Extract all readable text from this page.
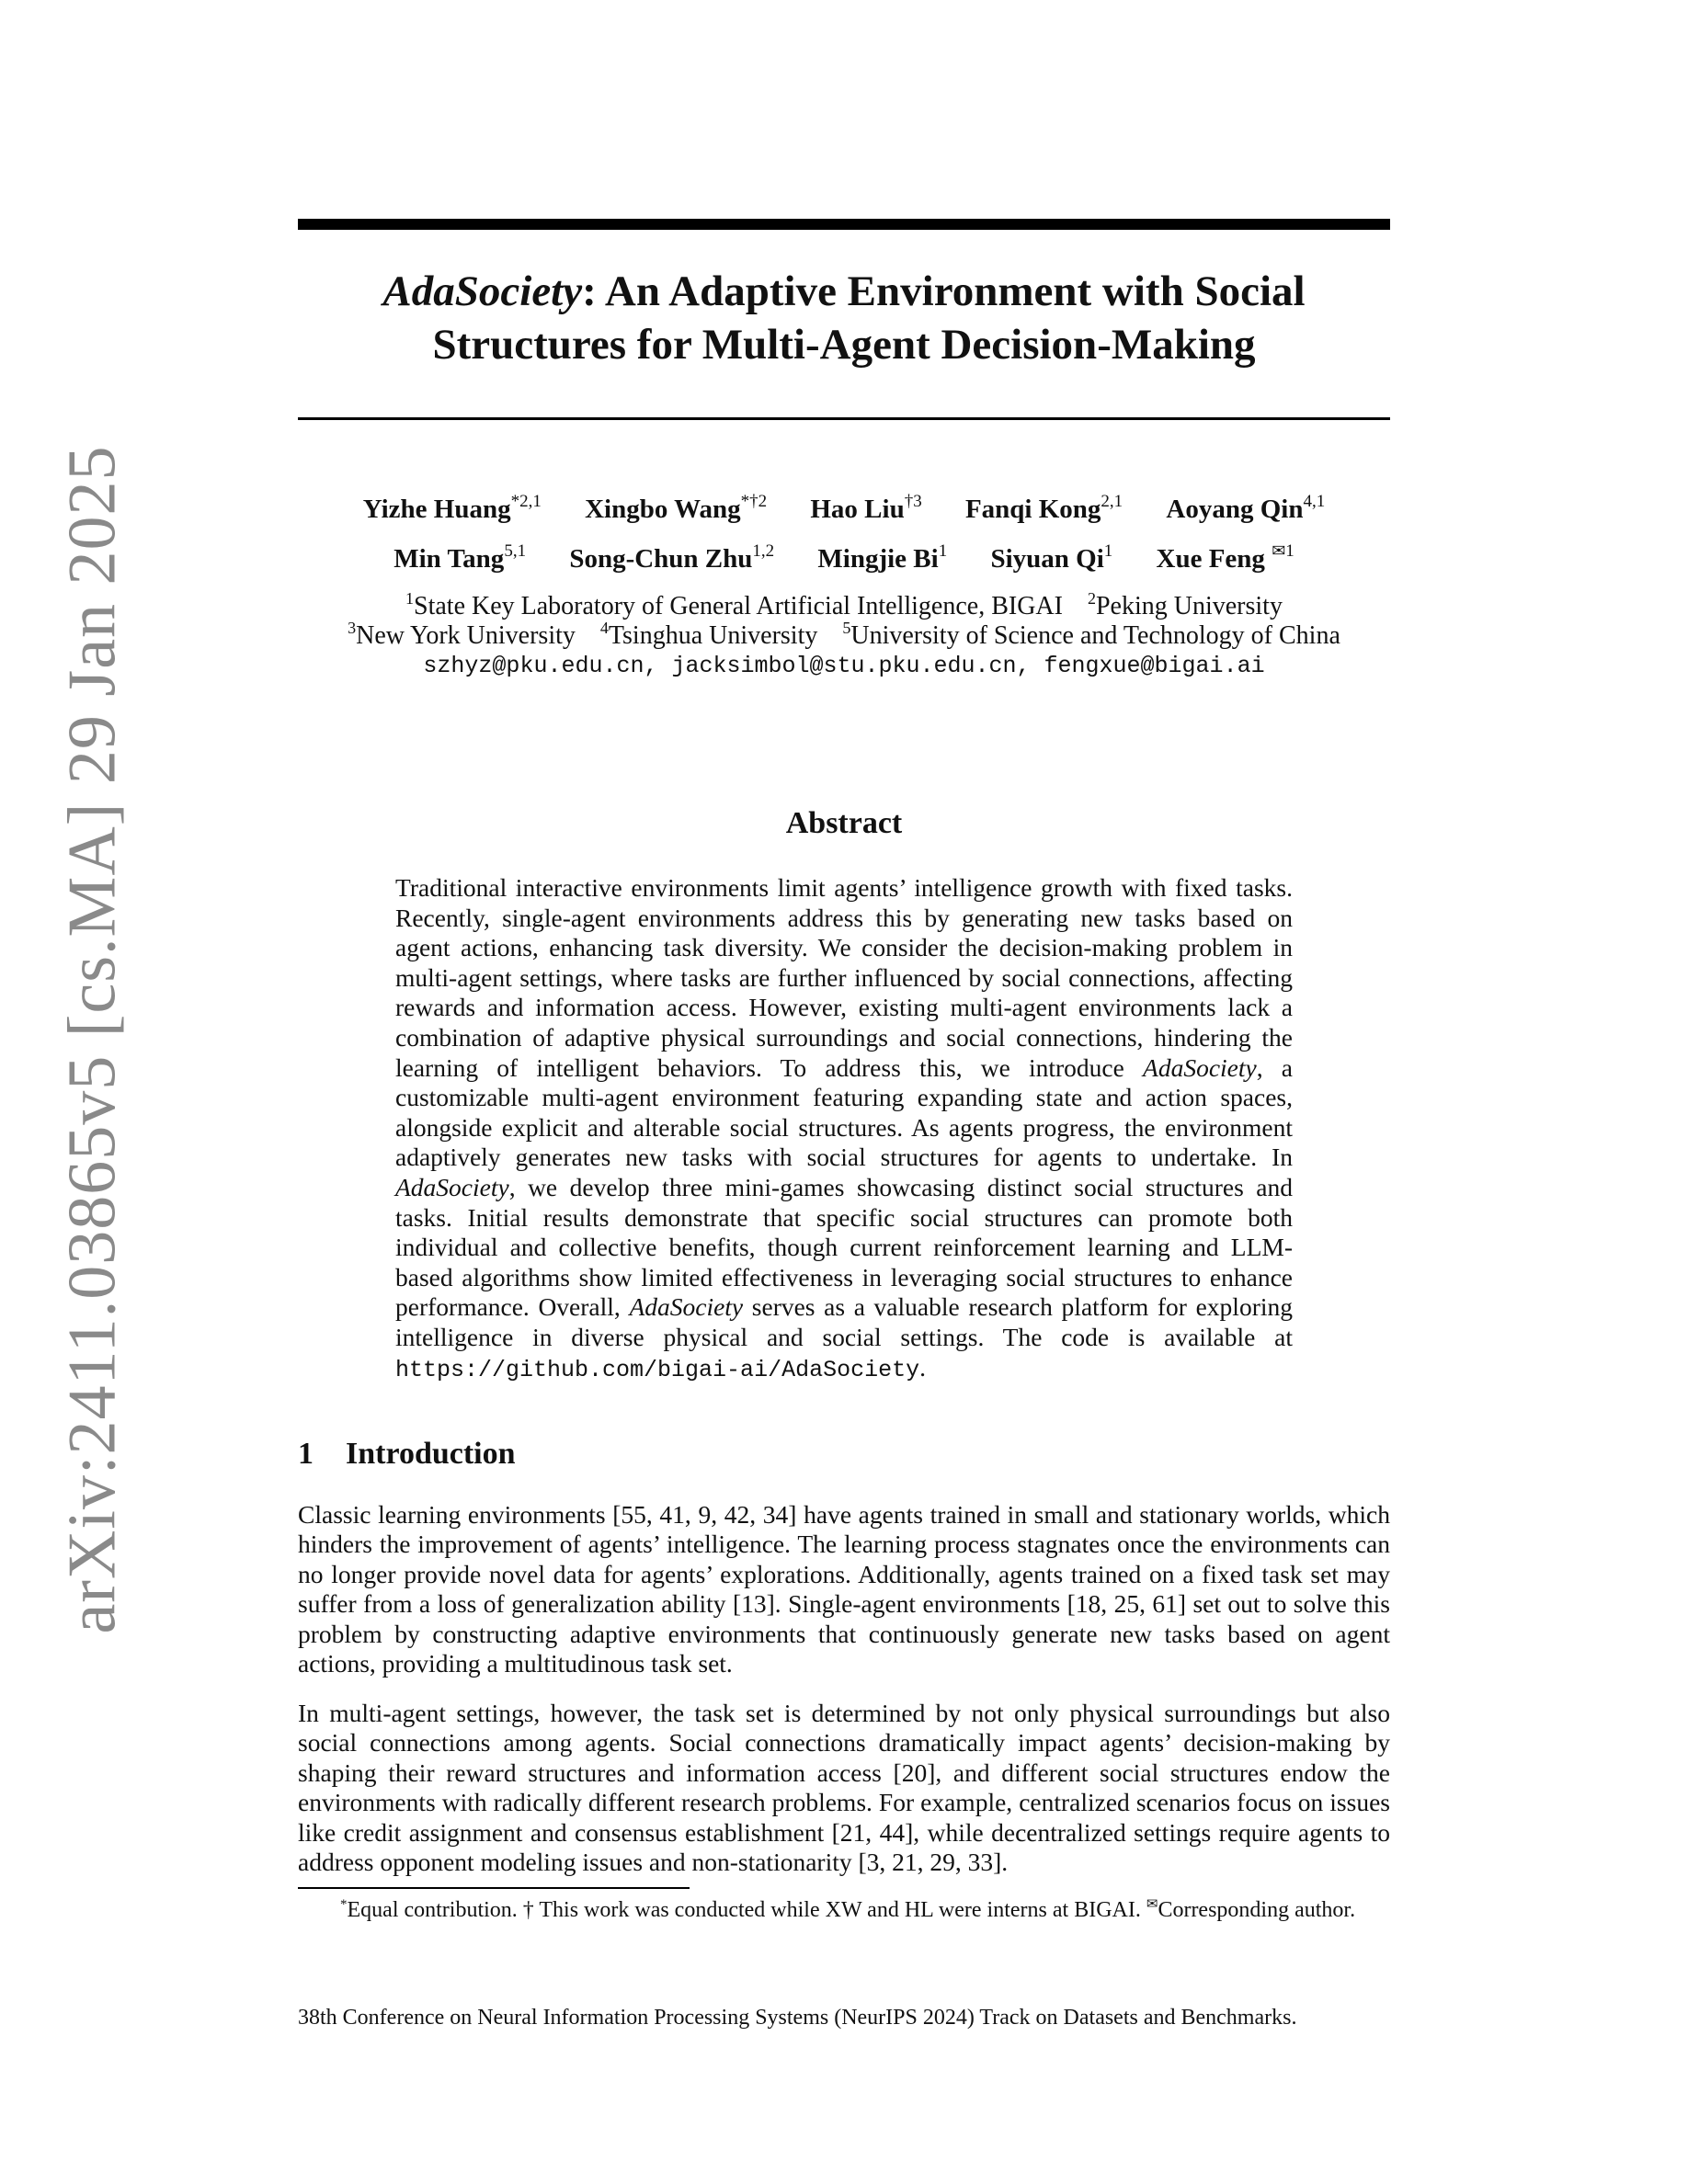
arXiv:2411.03865v5 [cs.MA] 29 Jan 2025
AdaSociety: An Adaptive Environment with Social
Structures for Multi-Agent Decision-Making
Yizhe Huang$^{*2,1}$ Xingbo Wang$^{*\dagger 2}$ Hao Liu$^{\dagger 3}$ Fanqi Kong$^{2,1}$ Aoyang Qin$^{4,1}$
Min Tang$^{5,1}$ Song-Chun Zhu$^{1,2}$ Mingjie Bi$^1$ Siyuan Qi$^1$ Xue Feng ✉$^1$
$^1$State Key Laboratory of General Artificial Intelligence, BIGAI $^2$Peking University
$^3$New York University $^4$Tsinghua University $^5$University of Science and Technology of China
szhyz@pku.edu.cn, jacksimbol@stu.pku.edu.cn, fengxue@bigai.ai
Abstract
Traditional interactive environments limit agents’ intelligence growth with fixed tasks. Recently, single-agent environments address this by generating new tasks based on agent actions, enhancing task diversity. We consider the decision-making problem in multi-agent settings, where tasks are further influenced by social connections, affecting rewards and information access. However, existing multi-agent environments lack a combination of adaptive physical surroundings and social connections, hindering the learning of intelligent behaviors. To address this, we introduce AdaSociety, a customizable multi-agent environment featuring expanding state and action spaces, alongside explicit and alterable social structures. As agents progress, the environment adaptively generates new tasks with social structures for agents to undertake. In AdaSociety, we develop three mini-games showcasing distinct social structures and tasks. Initial results demonstrate that specific social structures can promote both individual and collective benefits, though current reinforcement learning and LLM-based algorithms show limited effectiveness in leveraging social structures to enhance performance. Overall, AdaSociety serves as a valuable research platform for exploring intelligence in diverse physical and social settings. The code is available at https://github.com/bigai-ai/AdaSociety.
1 Introduction
Classic learning environments [55, 41, 9, 42, 34] have agents trained in small and stationary worlds, which hinders the improvement of agents’ intelligence. The learning process stagnates once the environments can no longer provide novel data for agents’ explorations. Additionally, agents trained on a fixed task set may suffer from a loss of generalization ability [13]. Single-agent environments [18, 25, 61] set out to solve this problem by constructing adaptive environments that continuously generate new tasks based on agent actions, providing a multitudinous task set.
In multi-agent settings, however, the task set is determined by not only physical surroundings but also social connections among agents. Social connections dramatically impact agents’ decision-making by shaping their reward structures and information access [20], and different social structures endow the environments with radically different research problems. For example, centralized scenarios focus on issues like credit assignment and consensus establishment [21, 44], while decentralized settings require agents to address opponent modeling issues and non-stationarity [3, 21, 29, 33].
*Equal contribution. † This work was conducted while XW and HL were interns at BIGAI. ✉Corresponding author.
38th Conference on Neural Information Processing Systems (NeurIPS 2024) Track on Datasets and Benchmarks.
